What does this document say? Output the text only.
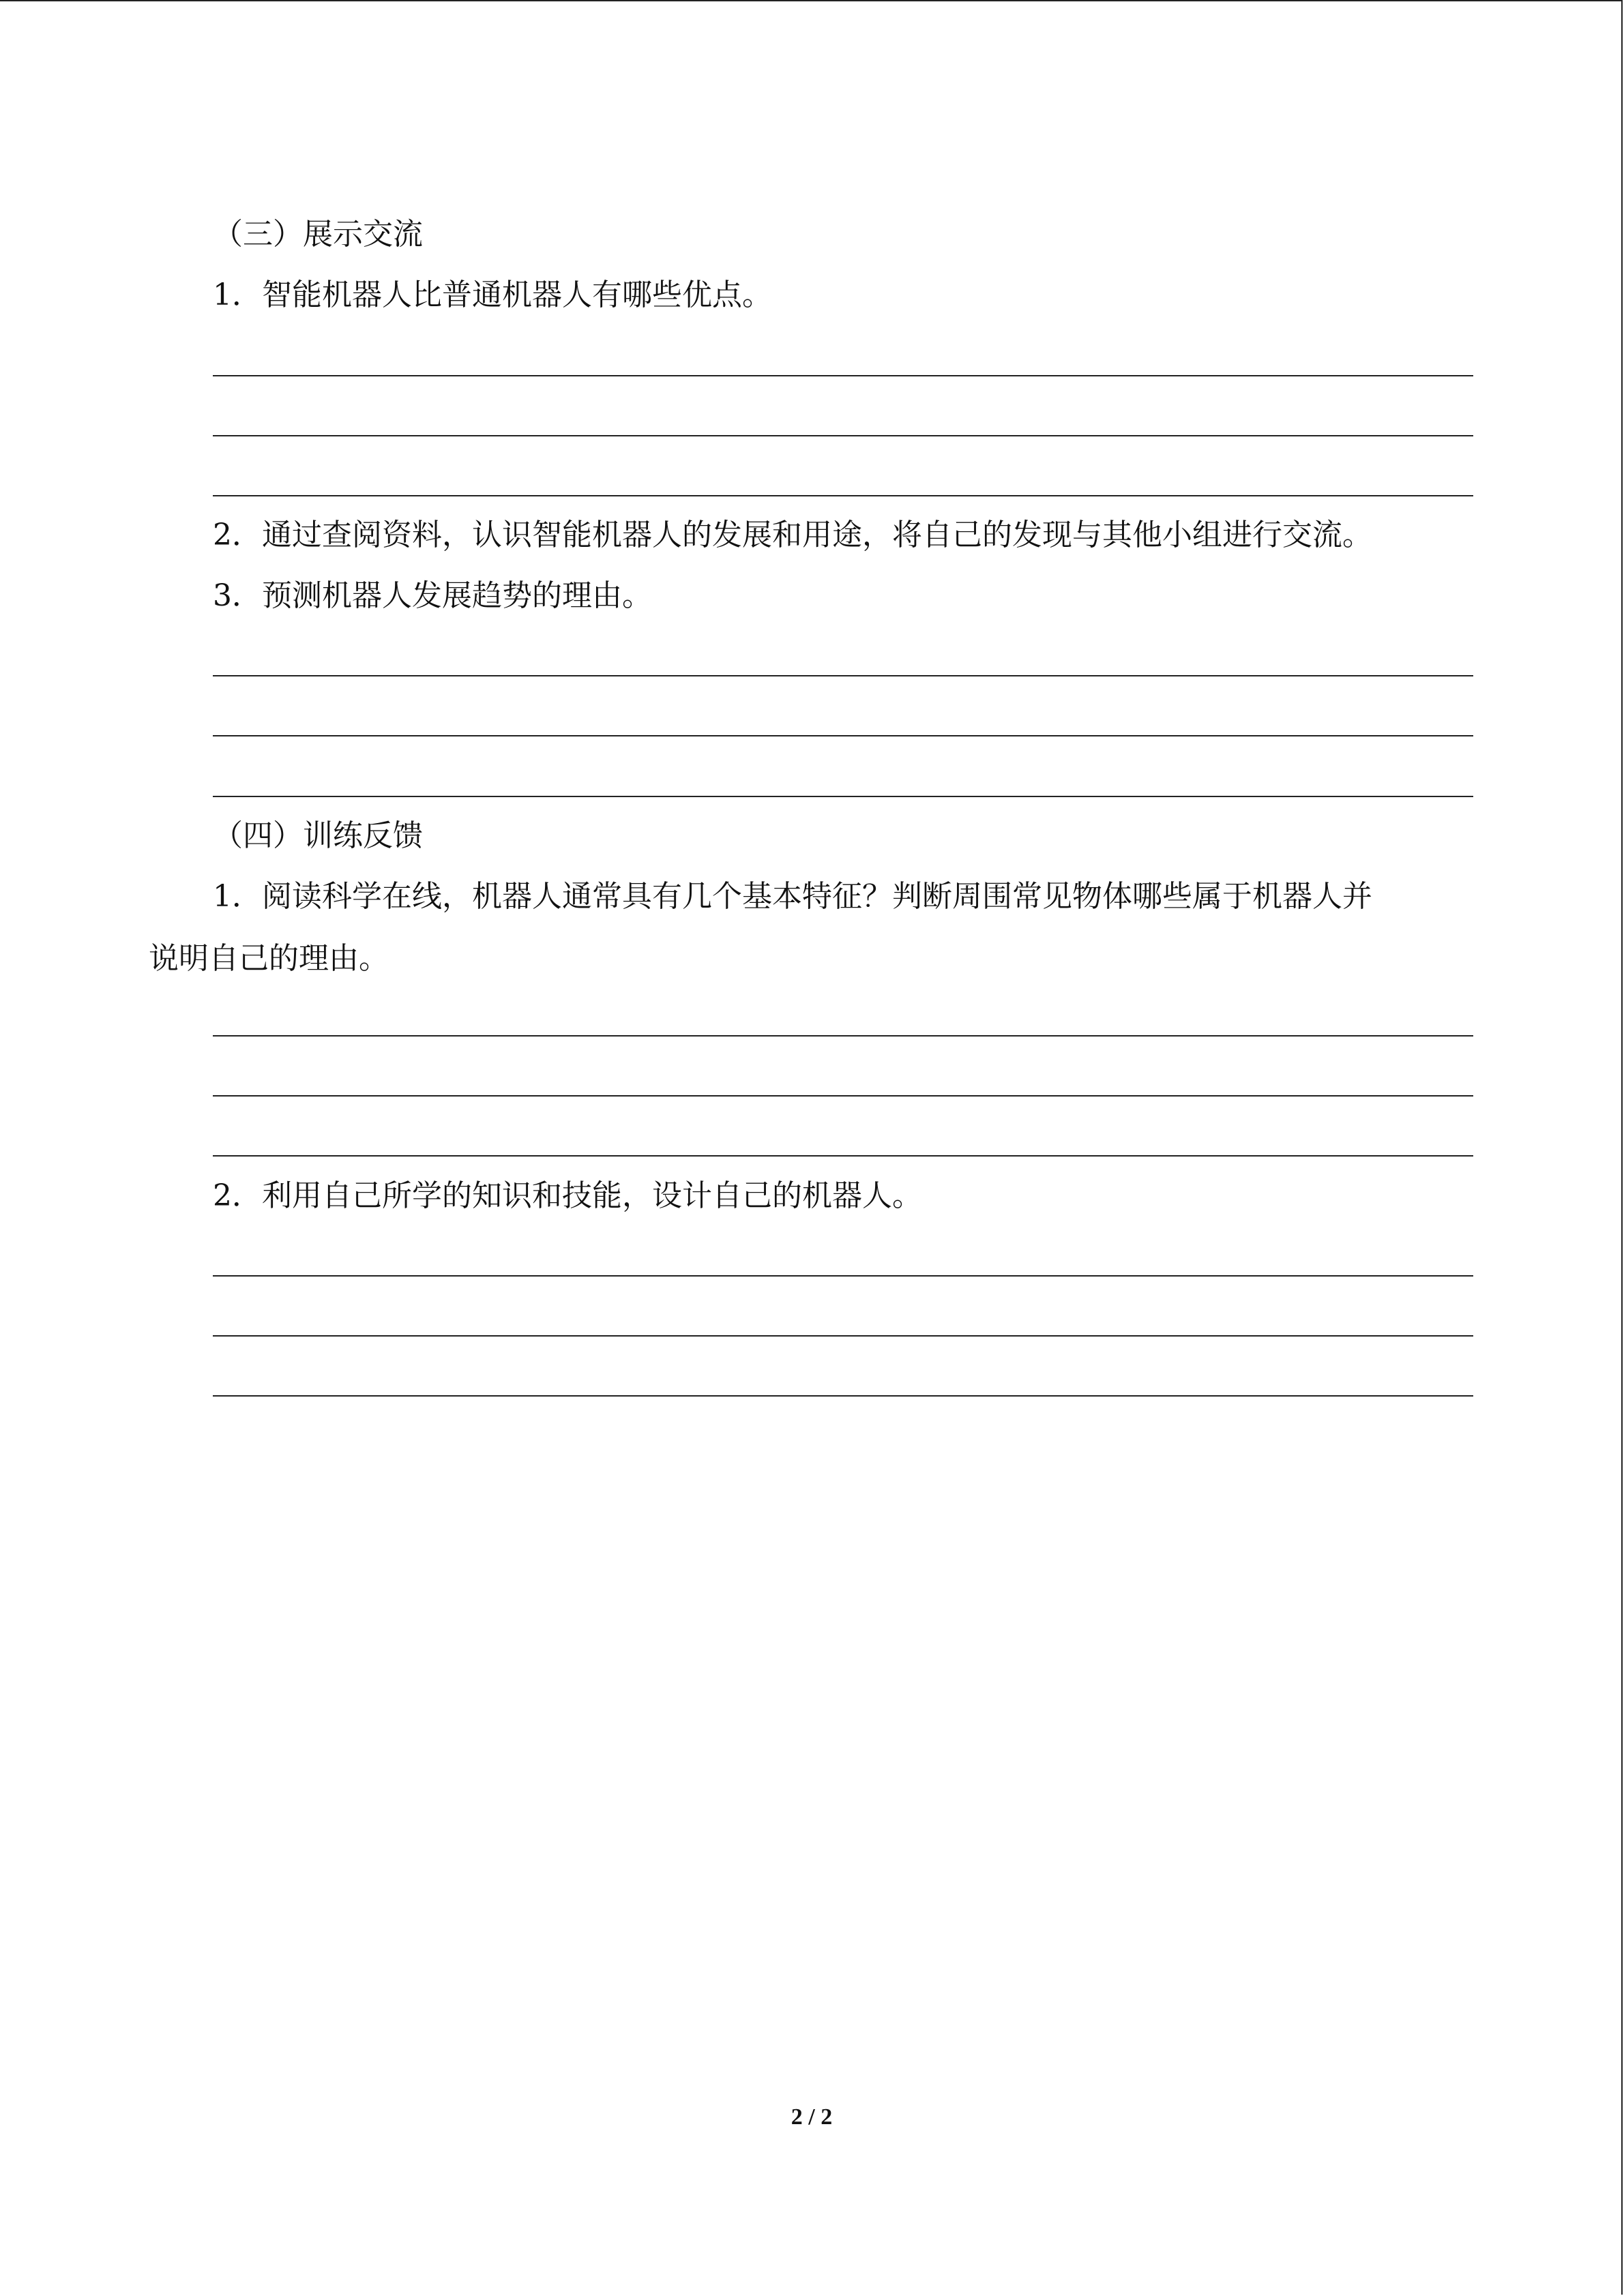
（三）展示交流
1．智能机器人比普通机器人有哪些优点。
2．通过查阅资料，认识智能机器人的发展和用途，将自己的发现与其他小组进行交流。
3．预测机器人发展趋势的理由。
（四）训练反馈
1．阅读科学在线，机器人通常具有几个基本特征？判断周围常见物体哪些属于机器人并
说明自己的理由。
2．利用自己所学的知识和技能，设计自己的机器人。
2 / 2
